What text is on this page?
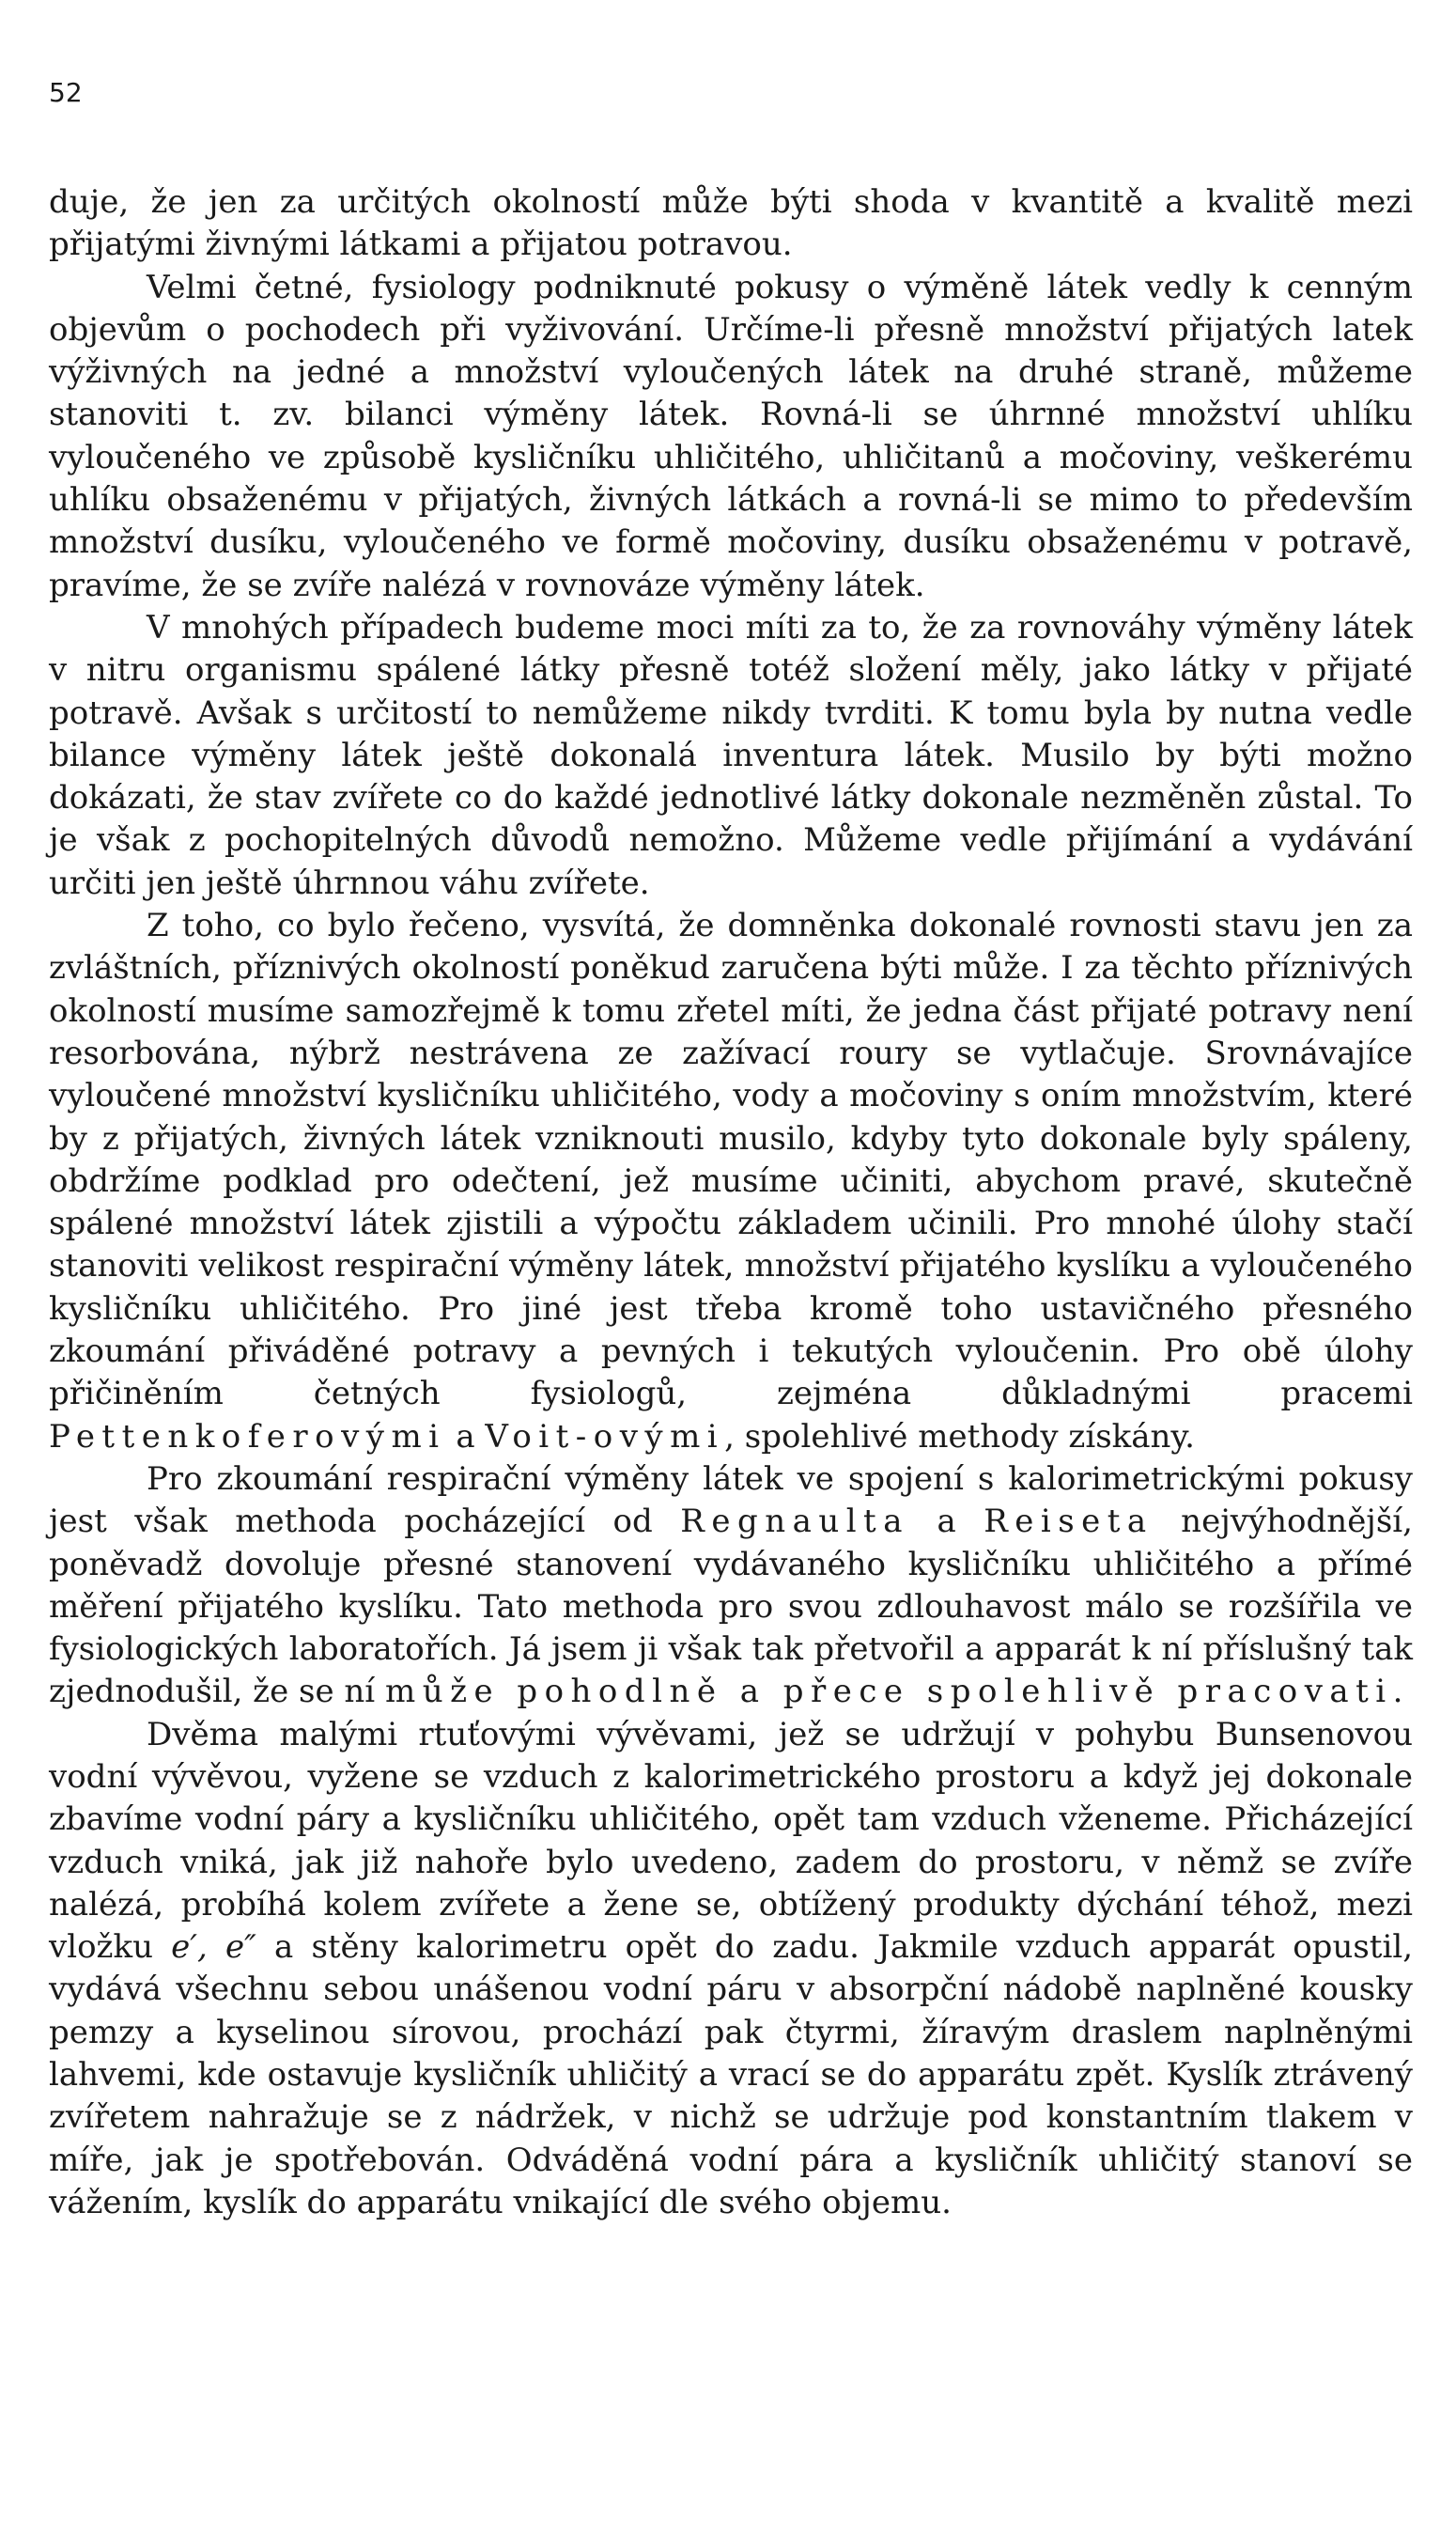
52

duje, že jen za určitých okolností může býti shoda v kvantitě a kvalitě mezi přijatými živnými látkami a přijatou potravou.

Velmi četné, fysiology podniknuté pokusy o výměně látek vedly k cenným objevům o pochodech při vyživování. Určíme-li přesně množství přijatých latek výživných na jedné a množství vyloučených látek na druhé straně, můžeme stanoviti t. zv. bilanci výměny látek. Rovná-li se úhrnné množství uhlíku vyloučeného ve způsobě kysličníku uhličitého, uhličitanů a močoviny, veškerému uhlíku obsaženému v přijatých, živných látkách a rovná-li se mimo to především množství dusíku, vyloučeného ve formě močoviny, dusíku obsaženému v potravě, pravíme, že se zvíře nalézá v rovnováze výměny látek.

V mnohých případech budeme moci míti za to, že za rovnováhy výměny látek v nitru organismu spálené látky přesně totéž složení měly, jako látky v přijaté potravě. Avšak s určitostí to nemůžeme nikdy tvrditi. K tomu byla by nutna vedle bilance výměny látek ještě dokonalá inventura látek. Musilo by býti možno dokázati, že stav zvířete co do každé jednotlivé látky dokonale nezměněn zůstal. To je však z pochopitelných důvodů nemožno. Můžeme vedle přijímání a vydávání určiti jen ještě úhrnnou váhu zvířete.

Z toho, co bylo řečeno, vysvítá, že domněnka dokonalé rovnosti stavu jen za zvláštních, příznivých okolností poněkud zaručena býti může. I za těchto příznivých okolností musíme samozřejmě k tomu zřetel míti, že jedna část přijaté potravy není resorbována, nýbrž nestrávena ze zažívací roury se vytlačuje. Srovnávajíce vyloučené množství kysličníku uhličitého, vody a močoviny s oním množstvím, které by z přijatých, živných látek vzniknouti musilo, kdyby tyto dokonale byly spáleny, obdržíme podklad pro odečtení, jež musíme učiniti, abychom pravé, skutečně spálené množství látek zjistili a výpočtu základem učinili. Pro mnohé úlohy stačí stanoviti velikost respirační výměny látek, množství přijatého kyslíku a vyloučeného kysličníku uhličitého. Pro jiné jest třeba kromě toho ustavičného přesného zkoumání přiváděné potravy a pevných i tekutých vyloučenin. Pro obě úlohy přičiněním četných fysiologů, zejména důkladnými pracemi Pettenkoferovými a Voit-ovými, spolehlivé methody získány.

Pro zkoumání respirační výměny látek ve spojení s kalorimetrickými pokusy jest však methoda pocházející od Regnaulta a Reiseta nejvýhodnější, poněvadž dovoluje přesné stanovení vydávaného kysličníku uhličitého a přímé měření přijatého kyslíku. Tato methoda pro svou zdlouhavost málo se rozšířila ve fysiologických laboratořích. Já jsem ji však tak přetvořil a apparát k ní příslušný tak zjednodušil, že se ní může pohodlně a přece spolehlivě pracovati.

Dvěma malými rtuťovými vývěvami, jež se udržují v pohybu Bunsenovou vodní vývěvou, vyžene se vzduch z kalorimetrického prostoru a když jej dokonale zbavíme vodní páry a kysličníku uhličitého, opět tam vzduch vženeme. Přicházející vzduch vniká, jak již nahoře bylo uvedeno, zadem do prostoru, v němž se zvíře nalézá, probíhá kolem zvířete a žene se, obtížený produkty dýchání téhož, mezi vložku e′, e″ a stěny kalorimetru opět do zadu. Jakmile vzduch apparát opustil, vydává všechnu sebou unášenou vodní páru v absorpční nádobě naplněné kousky pemzy a kyselinou sírovou, prochází pak čtyrmi, žíravým draslem naplněnými lahvemi, kde ostavuje kysličník uhličitý a vrací se do apparátu zpět. Kyslík ztrávený zvířetem nahražuje se z nádržek, v nichž se udržuje pod konstantním tlakem v míře, jak je spotřebován. Odváděná vodní pára a kysličník uhličitý stanoví se vážením, kyslík do apparátu vnikající dle svého objemu.
